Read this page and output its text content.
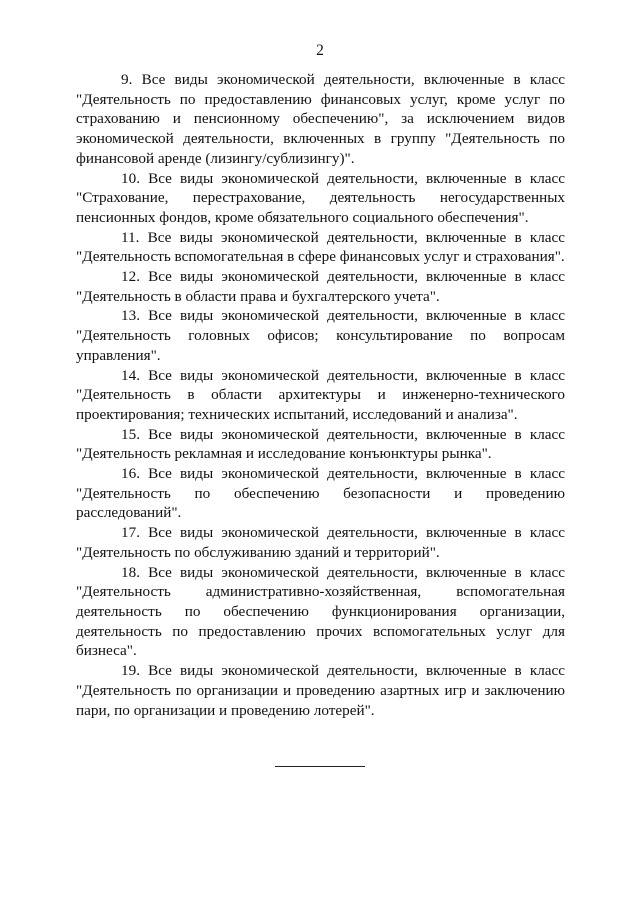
2

9. Все виды экономической деятельности, включенные в класс "Деятельность по предоставлению финансовых услуг, кроме услуг по страхованию и пенсионному обеспечению", за исключением видов экономической деятельности, включенных в группу "Деятельность по финансовой аренде (лизингу/сублизингу)".

10. Все виды экономической деятельности, включенные в класс "Страхование, перестрахование, деятельность негосударственных пенсионных фондов, кроме обязательного социального обеспечения".

11. Все виды экономической деятельности, включенные в класс "Деятельность вспомогательная в сфере финансовых услуг и страхования".

12. Все виды экономической деятельности, включенные в класс "Деятельность в области права и бухгалтерского учета".

13. Все виды экономической деятельности, включенные в класс "Деятельность головных офисов; консультирование по вопросам управления".

14. Все виды экономической деятельности, включенные в класс "Деятельность в области архитектуры и инженерно-технического проектирования; технических испытаний, исследований и анализа".

15. Все виды экономической деятельности, включенные в класс "Деятельность рекламная и исследование конъюнктуры рынка".

16. Все виды экономической деятельности, включенные в класс "Деятельность по обеспечению безопасности и проведению расследований".

17. Все виды экономической деятельности, включенные в класс "Деятельность по обслуживанию зданий и территорий".

18. Все виды экономической деятельности, включенные в класс "Деятельность административно-хозяйственная, вспомогательная деятельность по обеспечению функционирования организации, деятельность по предоставлению прочих вспомогательных услуг для бизнеса".

19. Все виды экономической деятельности, включенные в класс "Деятельность по организации и проведению азартных игр и заключению пари, по организации и проведению лотерей".
